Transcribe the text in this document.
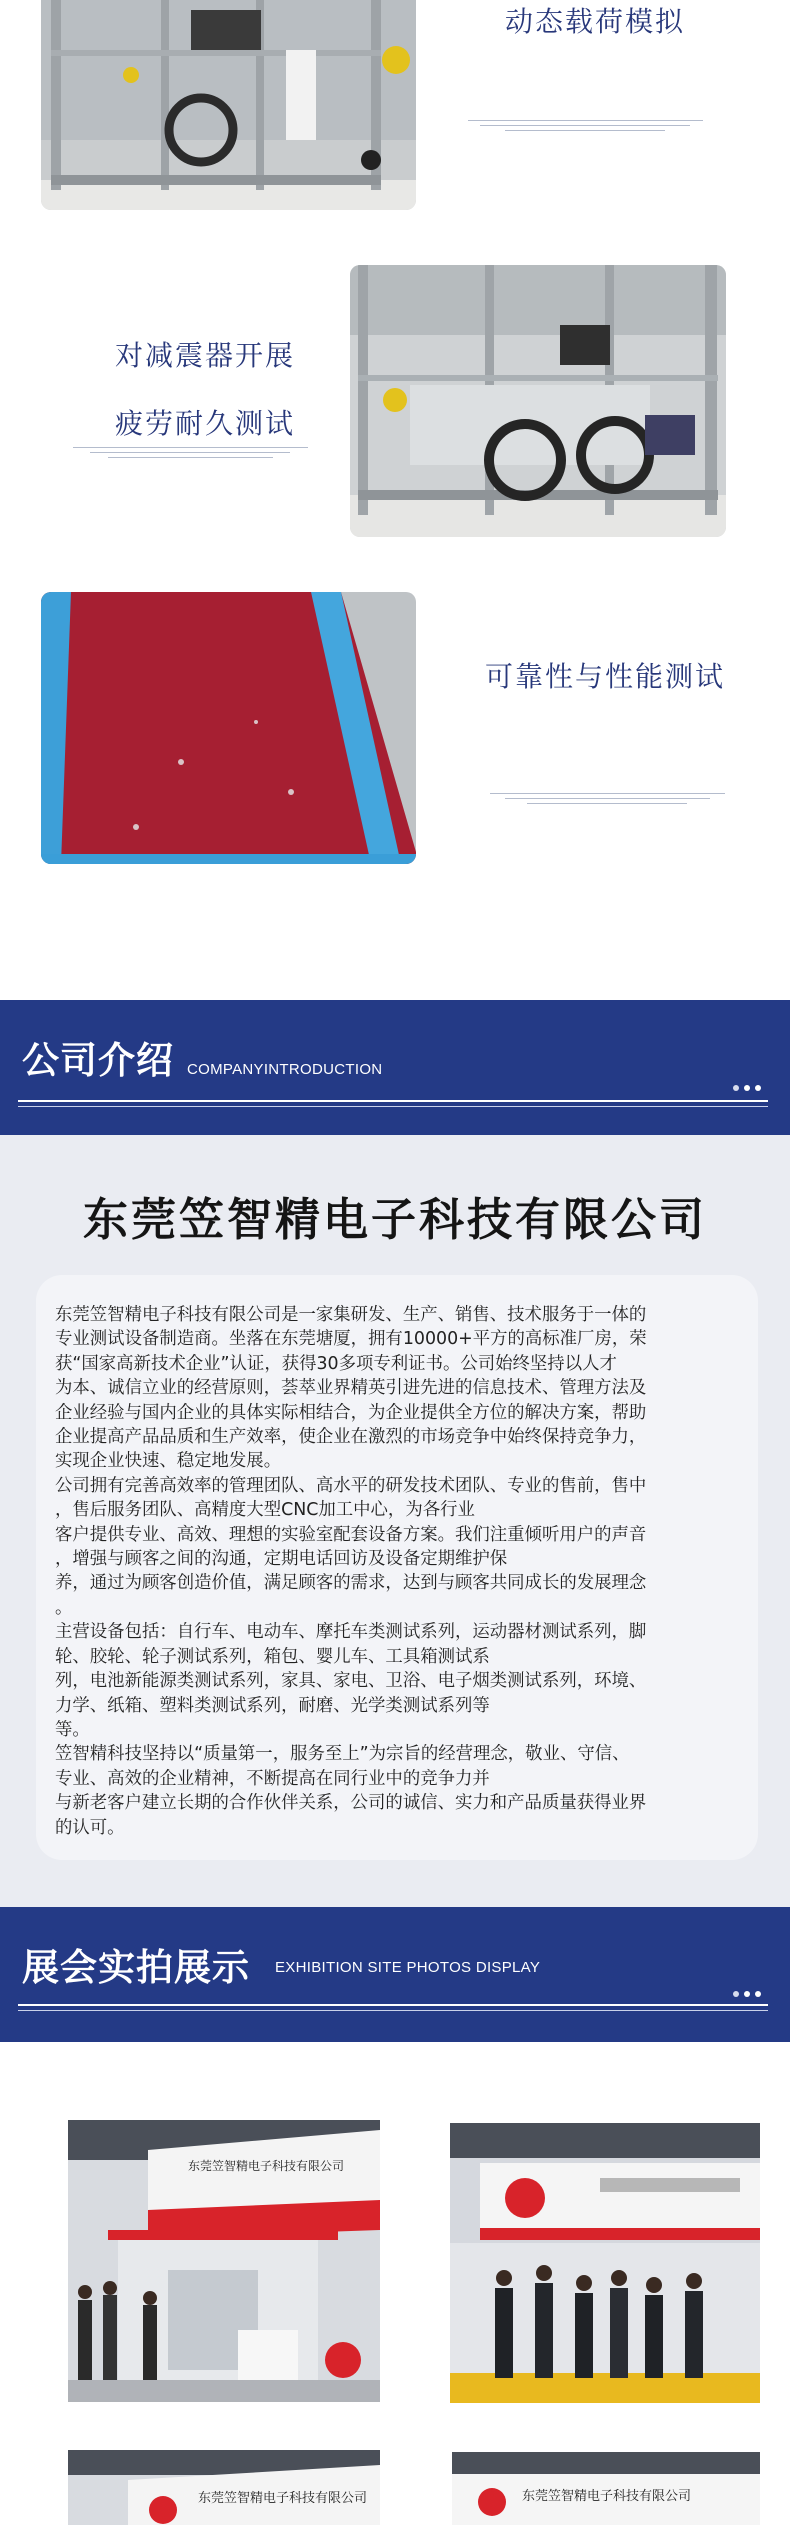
动态载荷模拟
对减震器开展
疲劳耐久测试
可靠性与性能测试
公司介绍 COMPANYINTRODUCTION
东莞笠智精电子科技有限公司

东莞笠智精电子科技有限公司是一家集研发、生产、销售、技术服务于一体的

专业测试设备制造商。坐落在东莞塘厦，拥有10000+平方的高标准厂房，荣

获“国家高新技术企业”认证，获得30多项专利证书。公司始终坚持以人才

为本、诚信立业的经营原则，荟萃业界精英引进先进的信息技术、管理方法及

企业经验与国内企业的具体实际相结合，为企业提供全方位的解决方案，帮助

企业提高产品品质和生产效率，使企业在激烈的市场竞争中始终保持竞争力，

实现企业快速、稳定地发展。

公司拥有完善高效率的管理团队、高水平的研发技术团队、专业的售前，售中

，售后服务团队、高精度大型CNC加工中心，为各行业

客户提供专业、高效、理想的实验室配套设备方案。我们注重倾听用户的声音

，增强与顾客之间的沟通，定期电话回访及设备定期维护保

养，通过为顾客创造价值，满足顾客的需求，达到与顾客共同成长的发展理念

。

主营设备包括：自行车、电动车、摩托车类测试系列，运动器材测试系列，脚

轮、胶轮、轮子测试系列，箱包、婴儿车、工具箱测试系

列，电池新能源类测试系列，家具、家电、卫浴、电子烟类测试系列，环境、

力学、纸箱、塑料类测试系列，耐磨、光学类测试系列等

等。

笠智精科技坚持以“质量第一，服务至上”为宗旨的经营理念，敬业、守信、

专业、高效的企业精神，不断提高在同行业中的竞争力并

与新老客户建立长期的合作伙伴关系，公司的诚信、实力和产品质量获得业界

的认可。

展会实拍展示 EXHIBITION SITE PHOTOS DISPLAY
东莞笠智精电子科技有限公司
东莞笠智精电子科技有限公司	东莞笠智精电子科技有限公司
